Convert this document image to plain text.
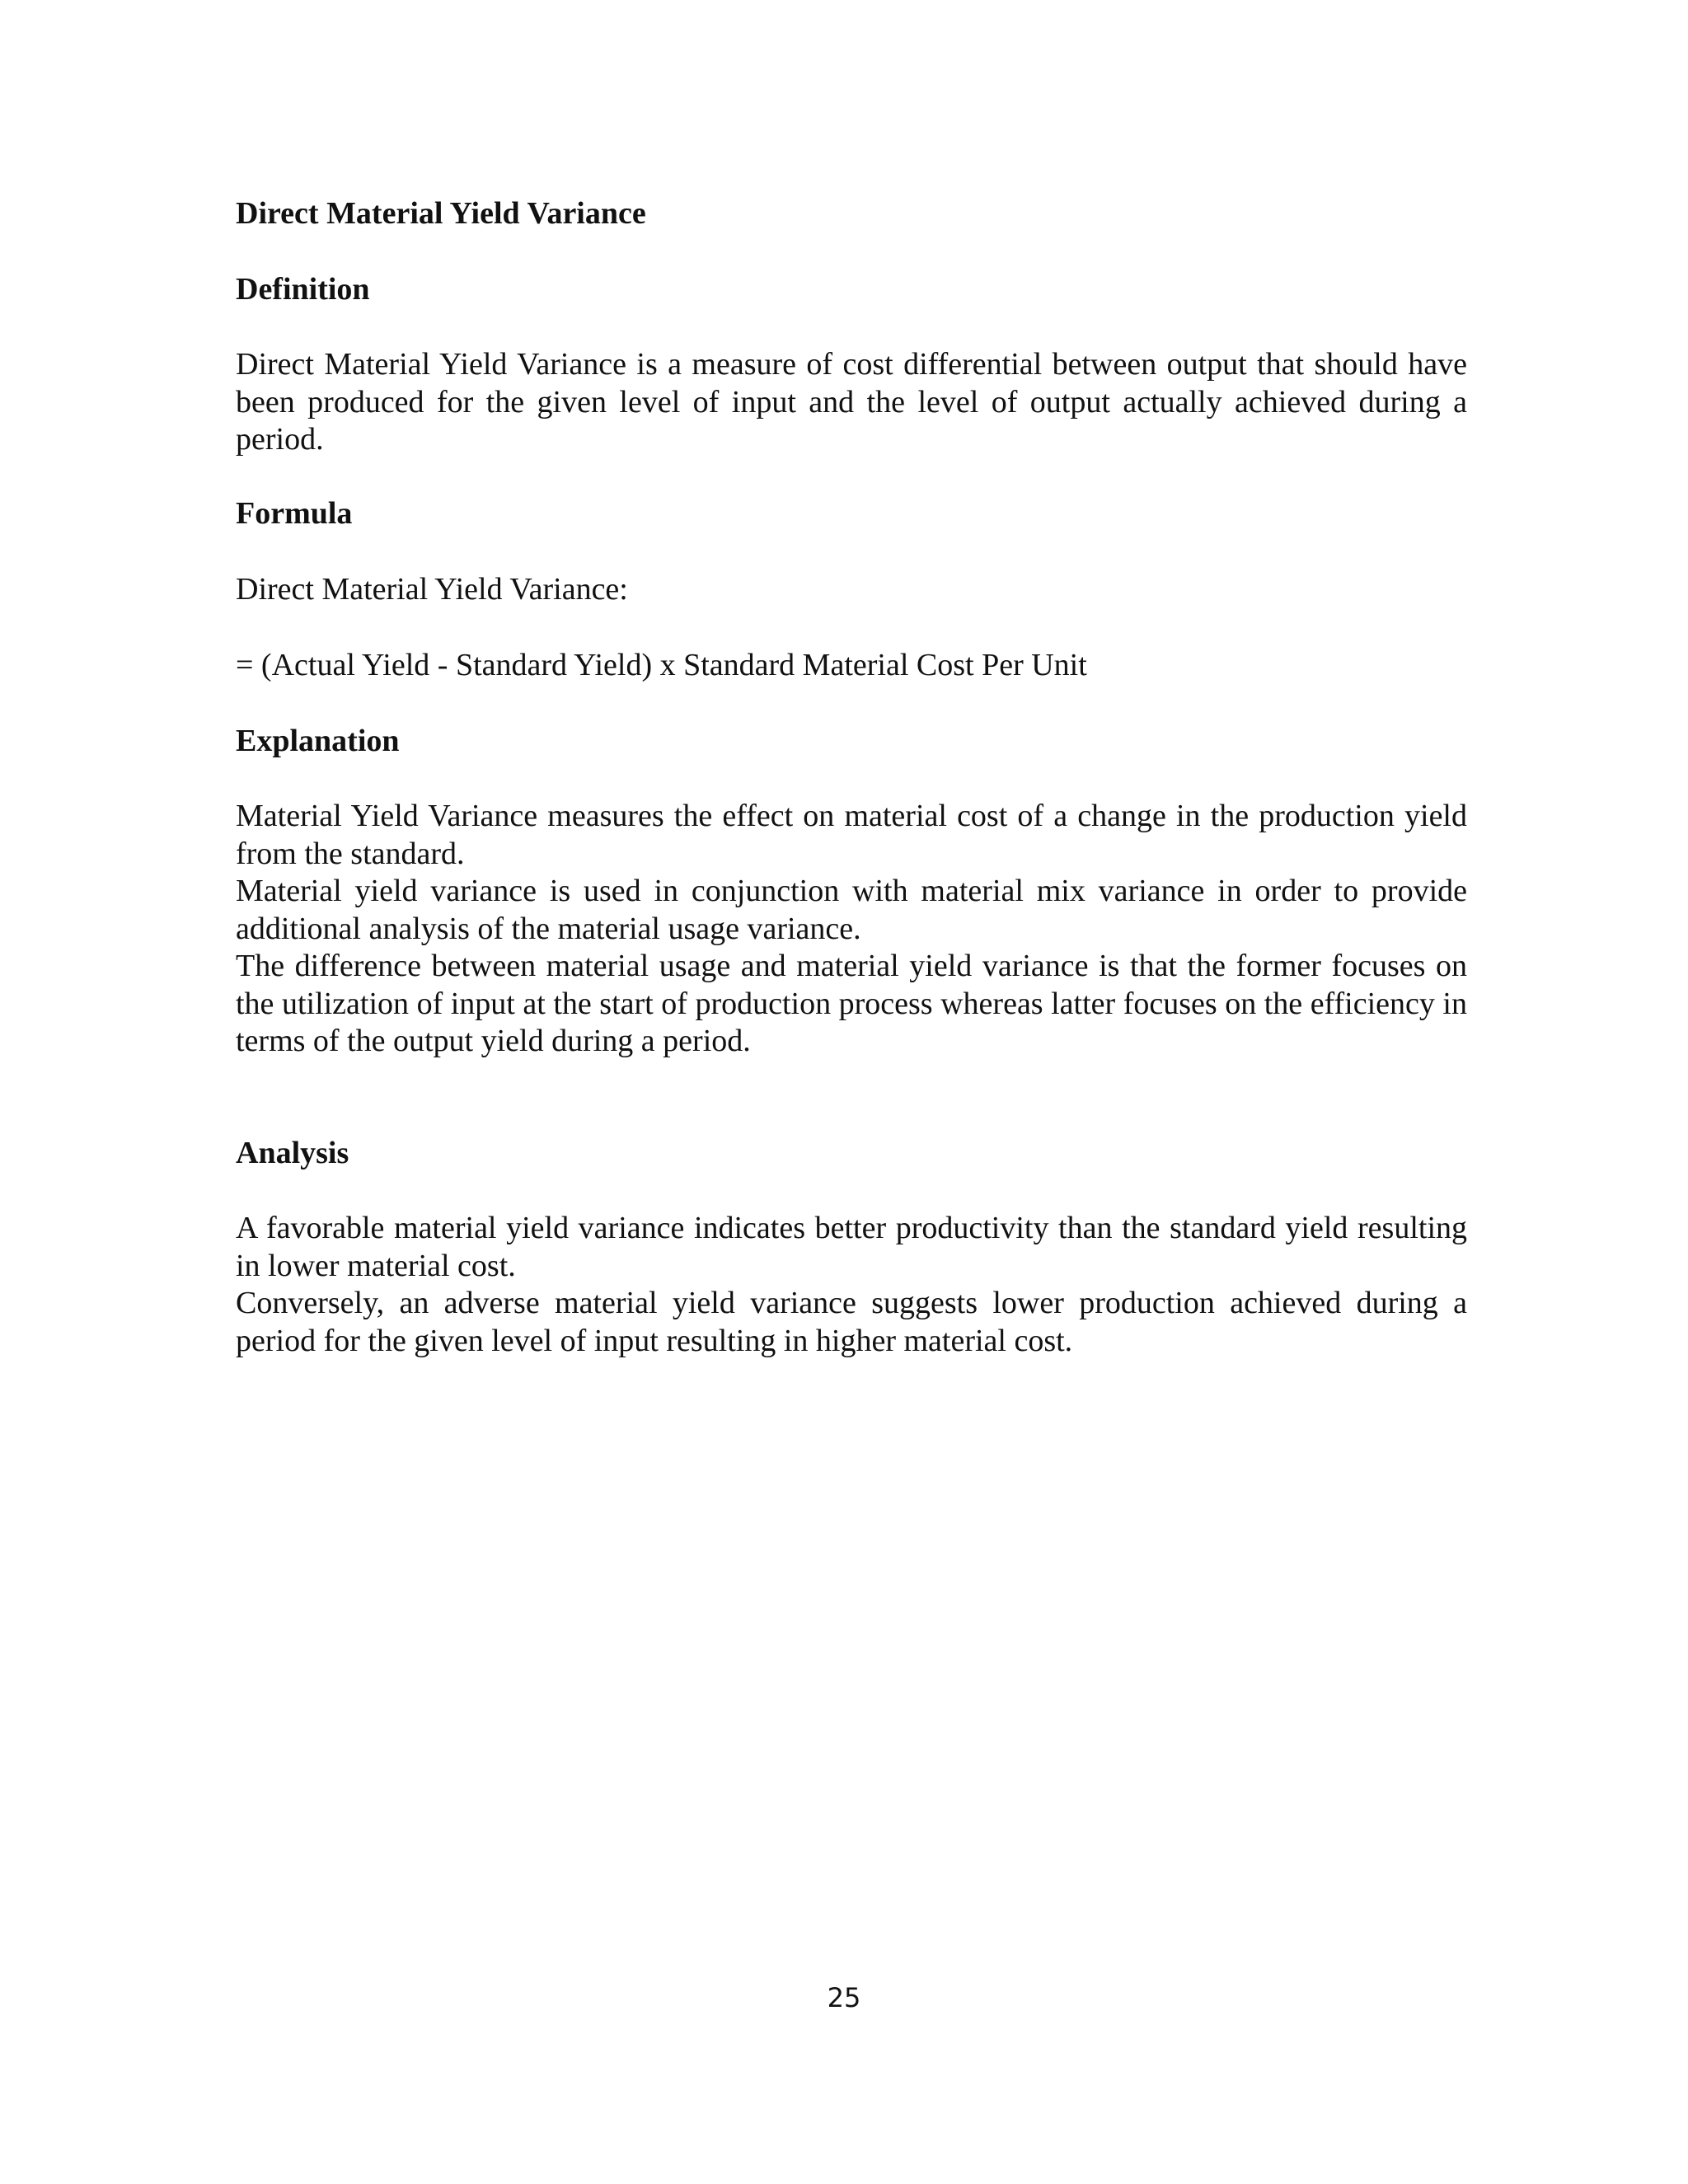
Direct Material Yield Variance
Definition

Direct Material Yield Variance is a measure of cost differential between output that should have been produced for the given level of input and the level of output actually achieved during a period.

Formula

Direct Material Yield Variance:

= (Actual Yield - Standard Yield) x Standard Material Cost Per Unit

Explanation

Material Yield Variance measures the effect on material cost of a change in the production yield from the standard.

Material yield variance is used in conjunction with material mix variance in order to provide additional analysis of the material usage variance.

The difference between material usage and material yield variance is that the former focuses on the utilization of input at the start of production process whereas latter focuses on the efficiency in terms of the output yield during a period.

Analysis

A favorable material yield variance indicates better productivity than the standard yield resulting in lower material cost.

Conversely, an adverse material yield variance suggests lower production achieved during a period for the given level of input resulting in higher material cost.

25
